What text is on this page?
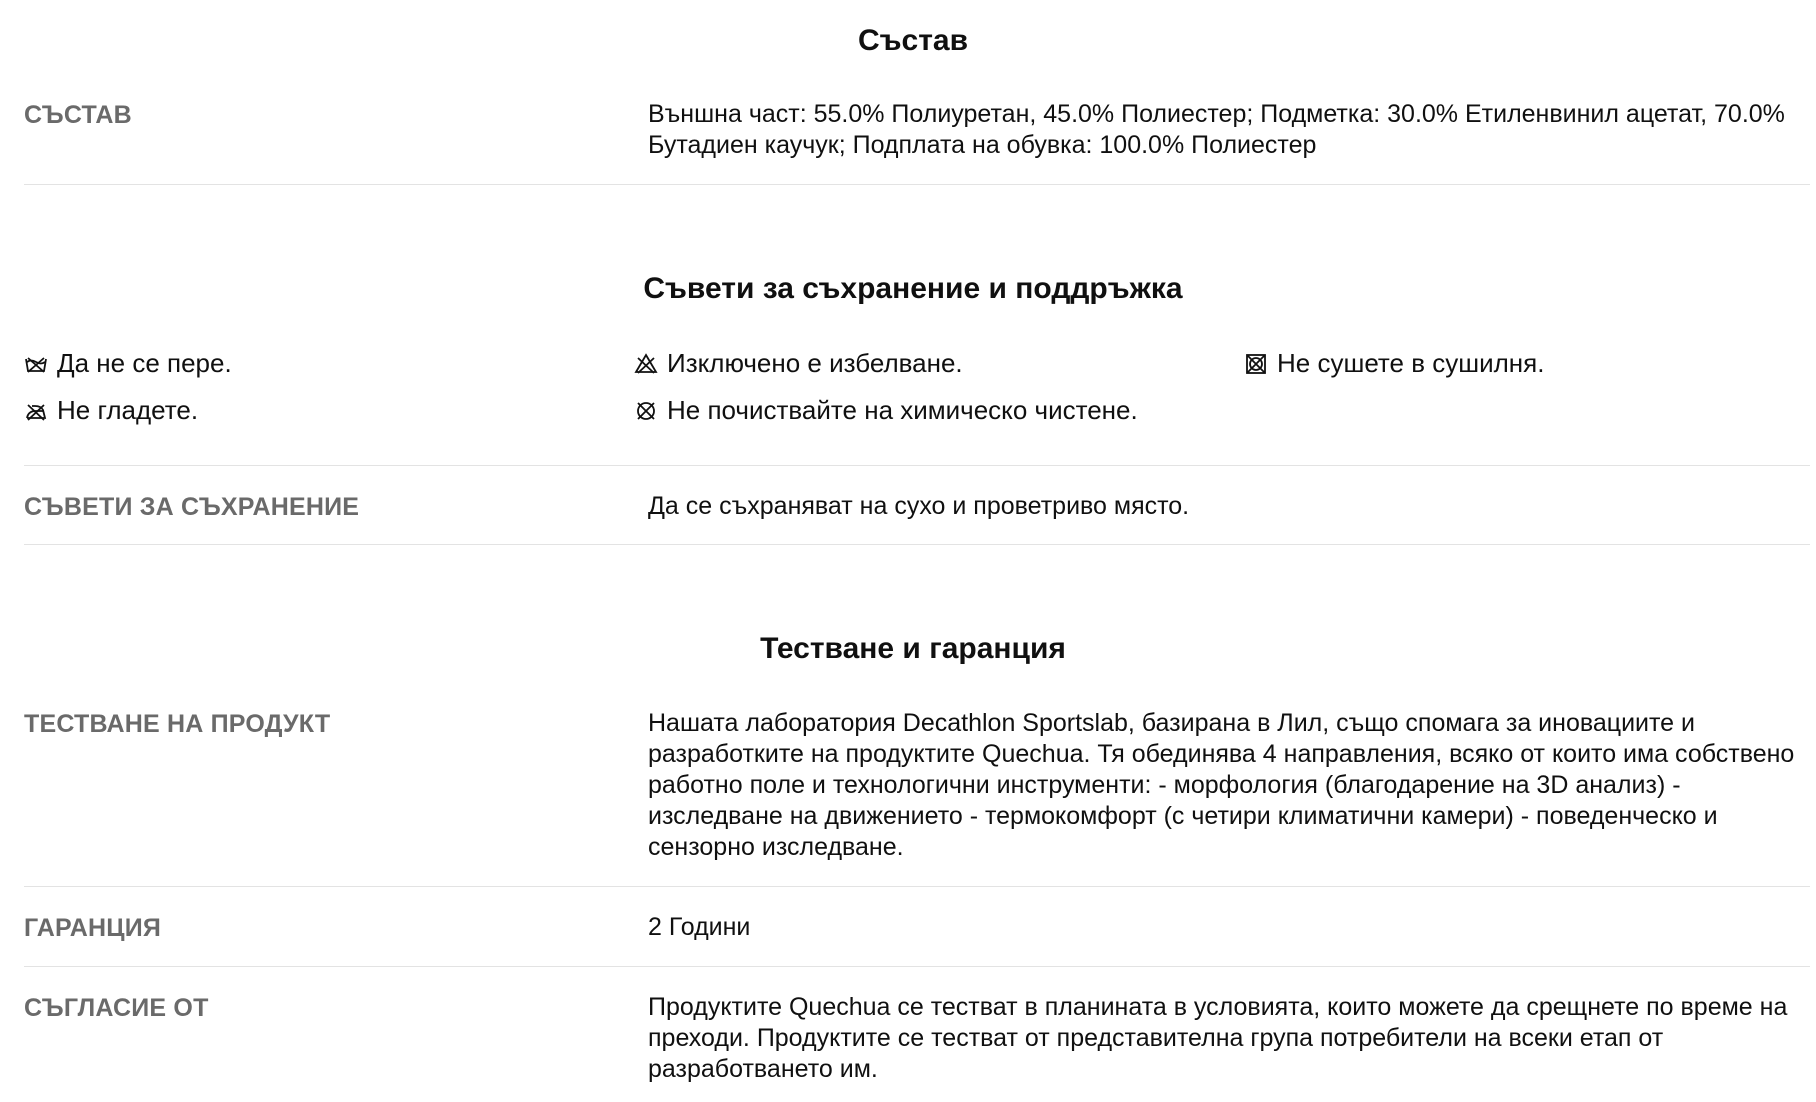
Състав
СЪСТАВ	Външна част: 55.0% Полиуретан, 45.0% Полиестер; Подметка: 30.0% Етиленвинил ацетат, 70.0% Бутадиен каучук; Подплата на обувка: 100.0% Полиестер
Съвети за съхранение и поддръжка
Да не се пере.	Изключено е избелване.	Не сушете в сушилня.
Не гладете.	Не почиствайте на химическо чистене.
СЪВЕТИ ЗА СЪХРАНЕНИЕ	Да се съхраняват на сухо и проветриво място.
Тестване и гаранция
ТЕСТВАНЕ НА ПРОДУКТ	Нашата лаборатория Decathlon Sportslab, базирана в Лил, също спомага за иновациите и разработките на продуктите Quechua. Тя обединява 4 направления, всяко от които има собствено работно поле и технологични инструменти: - морфология (благодарение на 3D анализ) - изследване на движението - термокомфорт (с четири климатични камери) - поведенческо и сензорно изследване.
ГАРАНЦИЯ	2 Години
СЪГЛАСИЕ ОТ	Продуктите Quechua се тестват в планината в условията, които можете да срещнете по време на преходи. Продуктите се тестват от представителна група потребители на всеки етап от разработването им.
